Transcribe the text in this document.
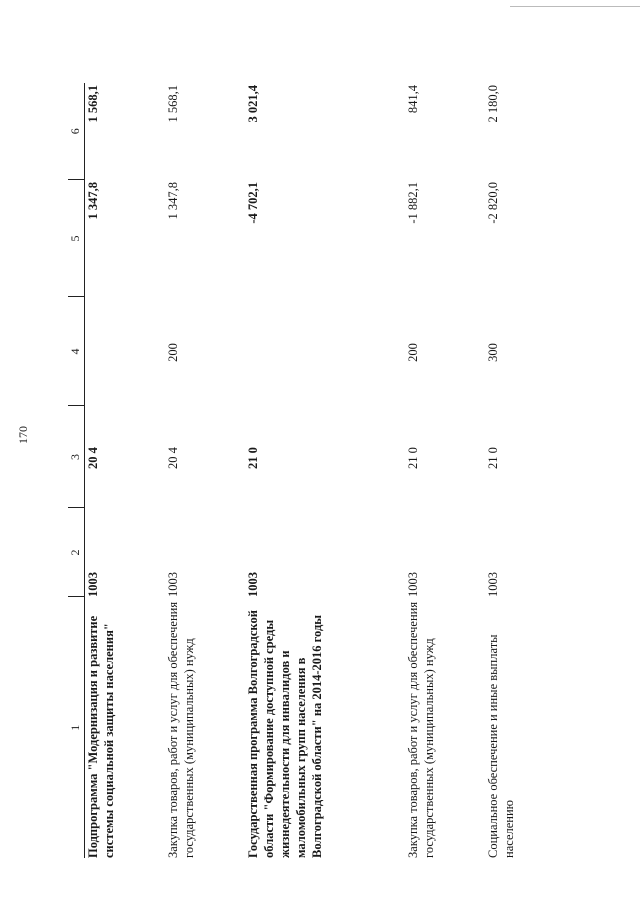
170
1	2	3	4	5	6
Подпрограмма "Модернизация и развитие системы социальной защиты населения"	1003	20 4		1 347,8	1 568,1
Закупка товаров, работ и услуг для обеспечения государственных (муниципальных) нужд	1003	20 4	200	1 347,8	1 568,1
Государственная программа Волгоградской области "Формирование доступной среды жизнедеятельности для инвалидов и маломобильных групп населения в Волгоградской области" на 2014-2016 годы	1003	21 0		-4 702,1	3 021,4
Закупка товаров, работ и услуг для обеспечения государственных (муниципальных) нужд	1003	21 0	200	-1 882,1	841,4
Социальное обеспечение и иные выплаты населению	1003	21 0	300	-2 820,0	2 180,0
